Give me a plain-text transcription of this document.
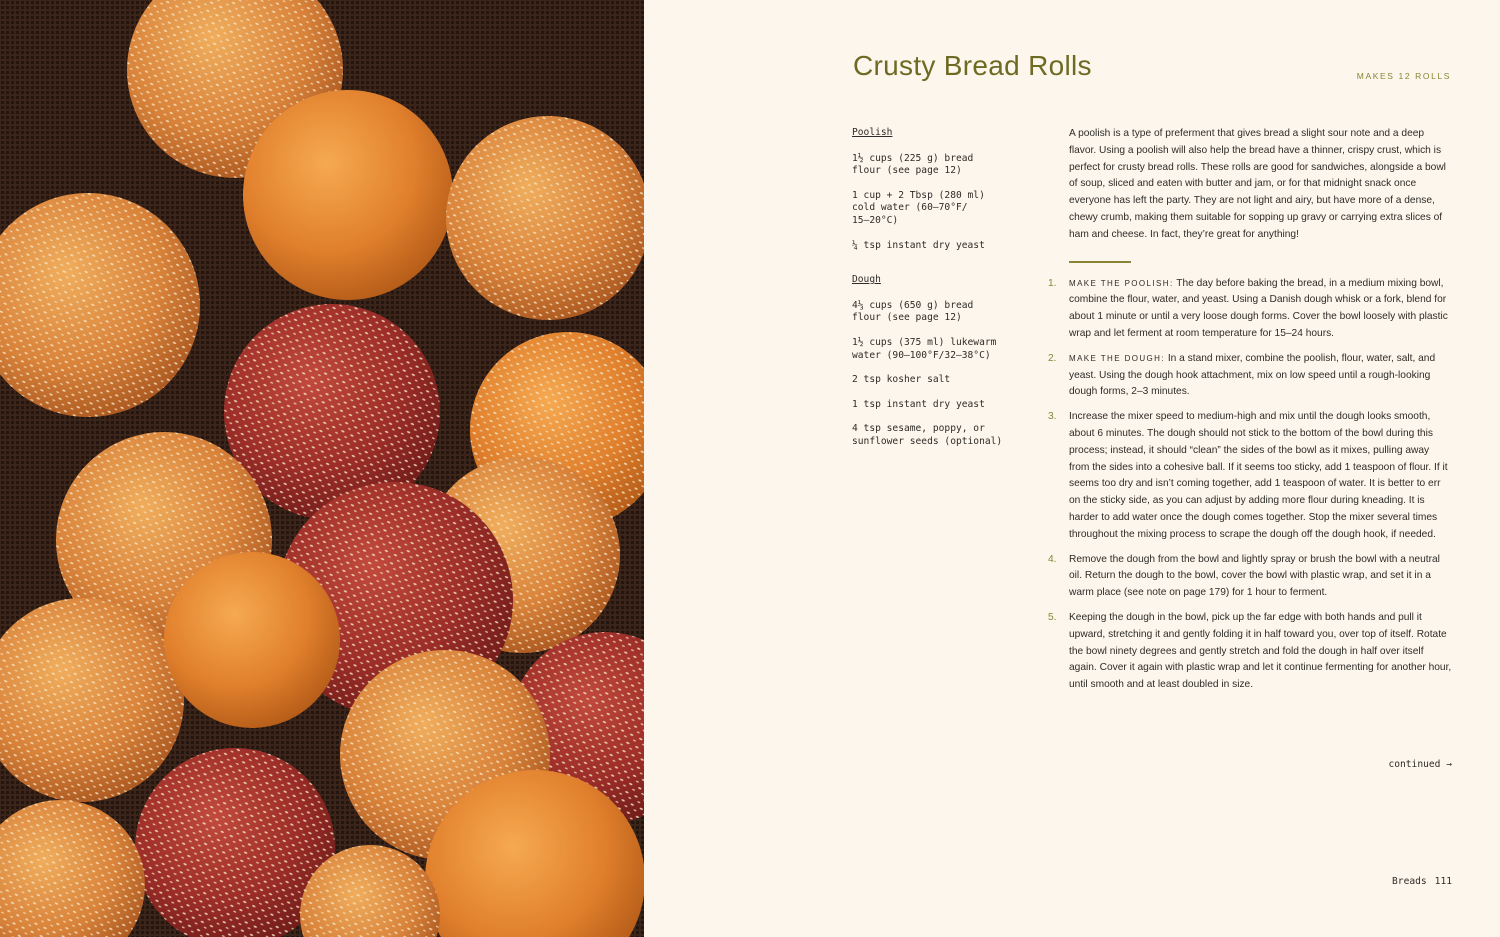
Crusty Bread Rolls	MAKES 12 ROLLS
Poolish
1½ cups (225 g) bread
flour (see page 12)
1 cup + 2 Tbsp (280 ml)
cold water (60–70°F/
15–20°C)
¼ tsp instant dry yeast
Dough
4⅓ cups (650 g) bread
flour (see page 12)
1½ cups (375 ml) lukewarm
water (90–100°F/32–38°C)
2 tsp kosher salt
1 tsp instant dry yeast
4 tsp sesame, poppy, or
sunflower seeds (optional)

A poolish is a type of preferment that gives bread a slight sour note and a deep flavor. Using a poolish will also help the bread have a thinner, crispy crust, which is perfect for crusty bread rolls. These rolls are good for sandwiches, alongside a bowl of soup, sliced and eaten with butter and jam, or for that midnight snack once everyone has left the party. They are not light and airy, but have more of a dense, chewy crumb, making them suitable for sopping up gravy or carrying extra slices of ham and cheese. In fact, they’re great for anything!

1. MAKE THE POOLISH: The day before baking the bread, in a medium mixing bowl, combine the flour, water, and yeast. Using a Danish dough whisk or a fork, blend for about 1 minute or until a very loose dough forms. Cover the bowl loosely with plastic wrap and let ferment at room temperature for 15–24 hours.
2. MAKE THE DOUGH: In a stand mixer, combine the poolish, flour, water, salt, and yeast. Using the dough hook attachment, mix on low speed until a rough-looking dough forms, 2–3 minutes.
3. Increase the mixer speed to medium-high and mix until the dough looks smooth, about 6 minutes. The dough should not stick to the bottom of the bowl during this process; instead, it should “clean” the sides of the bowl as it mixes, pulling away from the sides into a cohesive ball. If it seems too sticky, add 1 teaspoon of flour. If it seems too dry and isn’t coming together, add 1 teaspoon of water. It is better to err on the sticky side, as you can adjust by adding more flour during kneading. It is harder to add water once the dough comes together. Stop the mixer several times throughout the mixing process to scrape the dough off the dough hook, if needed.
4. Remove the dough from the bowl and lightly spray or brush the bowl with a neutral oil. Return the dough to the bowl, cover the bowl with plastic wrap, and set it in a warm place (see note on page 179) for 1 hour to ferment.
5. Keeping the dough in the bowl, pick up the far edge with both hands and pull it upward, stretching it and gently folding it in half toward you, over top of itself. Rotate the bowl ninety degrees and gently stretch and fold the dough in half over itself again. Cover it again with plastic wrap and let it continue fermenting for another hour, until smooth and at least doubled in size.
continued →
Breads 111
